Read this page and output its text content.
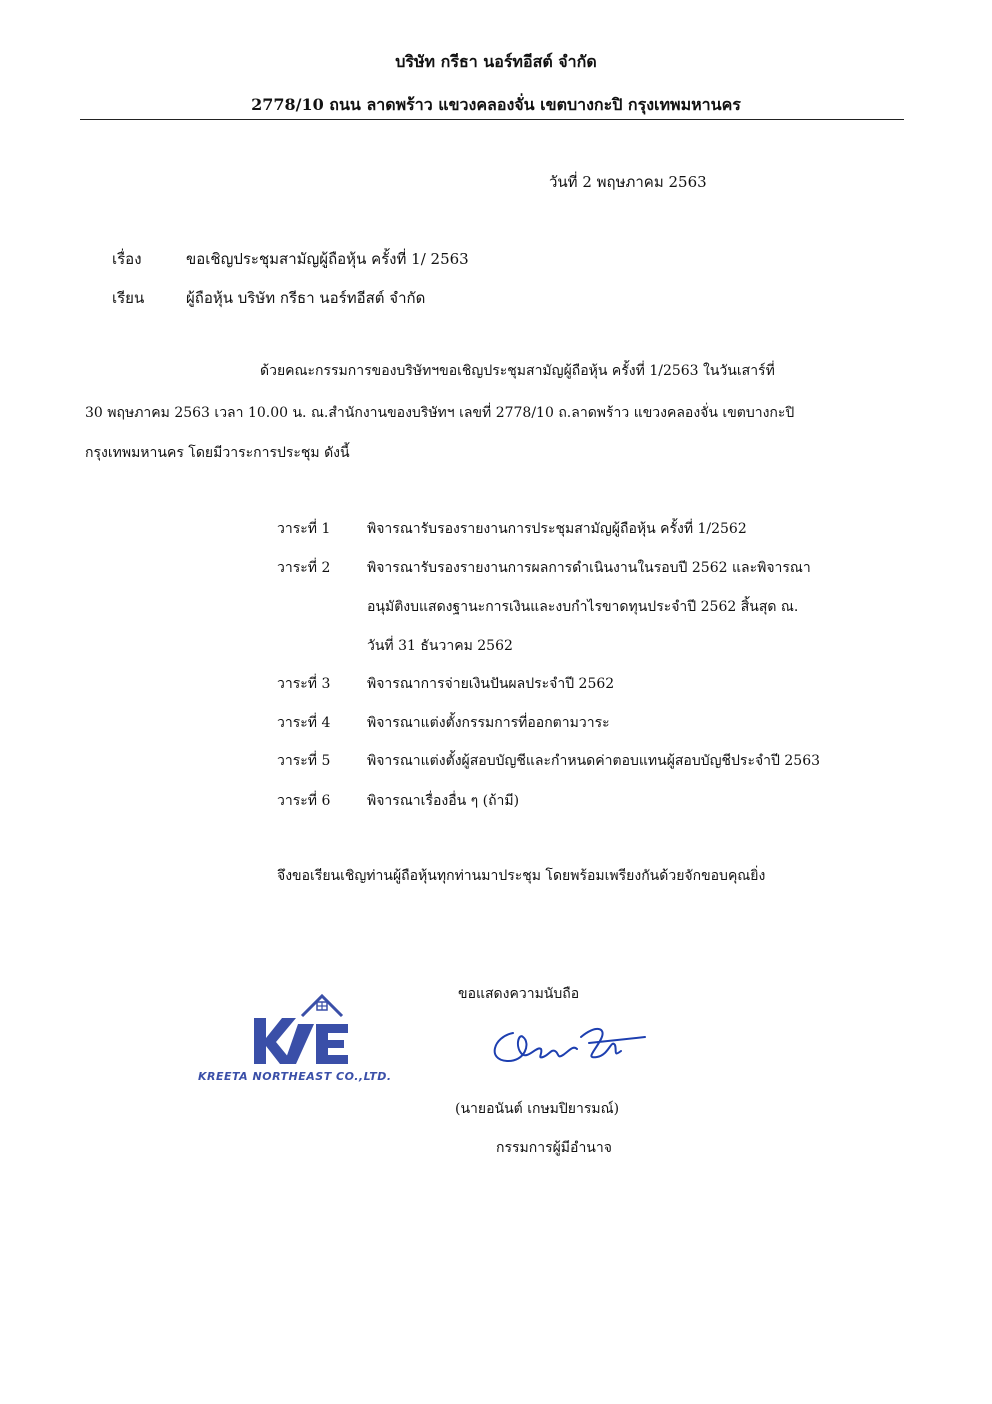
บริษัท กรีธา นอร์ทอีสต์ จำกัด
2778/10 ถนน ลาดพร้าว แขวงคลองจั่น เขตบางกะปิ กรุงเทพมหานคร
วันที่ 2 พฤษภาคม 2563
เรื่อง	ขอเชิญประชุมสามัญผู้ถือหุ้น ครั้งที่ 1/ 2563
เรียน	ผู้ถือหุ้น บริษัท กรีธา นอร์ทอีสต์ จำกัด
ด้วยคณะกรรมการของบริษัทฯขอเชิญประชุมสามัญผู้ถือหุ้น ครั้งที่ 1/2563 ในวันเสาร์ที่
30 พฤษภาคม 2563 เวลา 10.00 น. ณ.สำนักงานของบริษัทฯ เลขที่ 2778/10 ถ.ลาดพร้าว แขวงคลองจั่น เขตบางกะปิ
กรุงเทพมหานคร โดยมีวาระการประชุม ดังนี้
วาระที่ 1	พิจารณารับรองรายงานการประชุมสามัญผู้ถือหุ้น ครั้งที่ 1/2562
วาระที่ 2	พิจารณารับรองรายงานการผลการดำเนินงานในรอบปี 2562 และพิจารณา
อนุมัติงบแสดงฐานะการเงินและงบกำไรขาดทุนประจำปี 2562 สิ้นสุด ณ.
วันที่ 31 ธันวาคม 2562
วาระที่ 3	พิจารณาการจ่ายเงินปันผลประจำปี 2562
วาระที่ 4	พิจารณาแต่งตั้งกรรมการที่ออกตามวาระ
วาระที่ 5	พิจารณาแต่งตั้งผู้สอบบัญชีและกำหนดค่าตอบแทนผู้สอบบัญชีประจำปี 2563
วาระที่ 6	พิจารณาเรื่องอื่น ๆ (ถ้ามี)
จึงขอเรียนเชิญท่านผู้ถือหุ้นทุกท่านมาประชุม โดยพร้อมเพรียงกันด้วยจักขอบคุณยิ่ง
ขอแสดงความนับถือ
KREETA NORTHEAST CO.,LTD.
(นายอนันต์ เกษมปิยารมณ์)
กรรมการผู้มีอำนาจ
